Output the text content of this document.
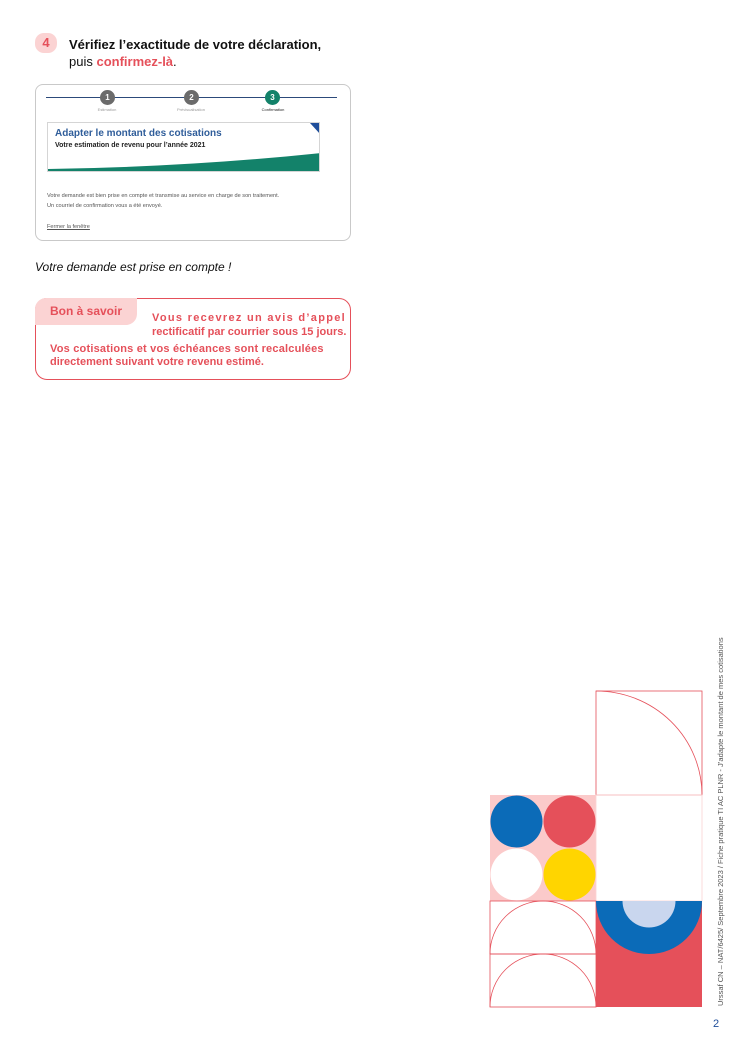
4	Vérifiez l’exactitude de votre déclaration,
puis confirmez-là.
1	2	3
Estimation	Prévisualisation	Confirmation
Adapter le montant des cotisations
Votre estimation de revenu pour l’année 2021
Votre demande est bien prise en compte et transmise au service en charge de son traitement.
Un courriel de confirmation vous a été envoyé.
Fermer la fenêtre
Votre demande est prise en compte !
Bon à savoir	Vous recevrez un avis d’appel
rectificatif par courrier sous 15 jours.
Vos cotisations et vos échéances sont recalculées
directement suivant votre revenu estimé.
Urssaf CN – NAT/6425/ Septembre 2023 / Fiche pratique TI AC PLNR - J’adapte le montant de mes cotisations
2
